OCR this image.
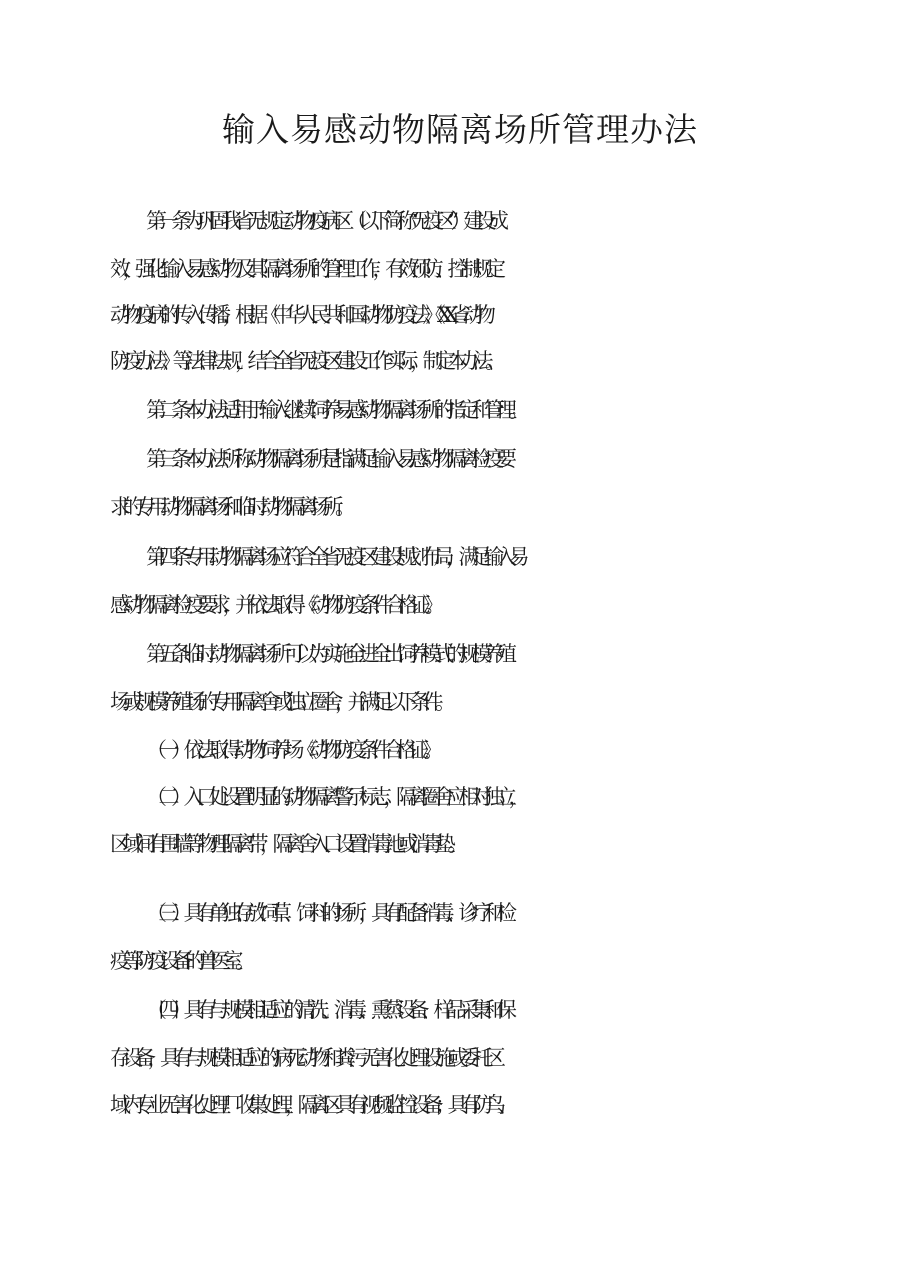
输入易感动物隔离场所管理办法
第一条为巩固我省无规定动物疫病区（以下简称“无疫区”）建设成
效，强化输入易感动物及其隔离场所的管理工作，有效预防、控制规定
动物疫病的传入传播，根据《中华人民共和国动物防疫法》《XX省动物
防疫办法》等法律法规，结合全省无疫区建设工作实际，制定本办法。
第二条本办法适用于输入继续饲养易感动物隔离场所的指定和管理。
第三条本办法所称动物隔离场所是指满足输入易感动物隔离检疫要
求的专用动物隔离场和临时动物隔离场所。
第四条专用动物隔离场应符合全省无疫区建设规划布局，满足输入易
感动物隔离检疫要求，并依法取得《动物防疫条件合格证》。
第五条临时动物隔离场所可以为实施全进全出饲养模式的规模养殖
场或规模养殖场的专用隔离舍或独立圈舍，并满足以下条件。
（一）依法取得动物饲养场《动物防疫条件合格证》。
（二）入口处设置明显的动物隔离警示标志，隔离圈舍应相对独立，
区域间有围墙等物理隔离带，隔离舍入口设置消毒池或消毒垫。
（三）具有单独存放饲草、饲料的场所，具有配备消毒、诊疗和检
疫等防疫设备的兽医室。
（四）具有与规模相适应的清洗、消毒、熏蒸设备、样品采集和保
存设备，具有与规模相适应的病死动物和粪污无害化处理设施或委托区
域内专业无害化处理厂收集处理，隔离区具有视频监控设备；具有防鸟、
